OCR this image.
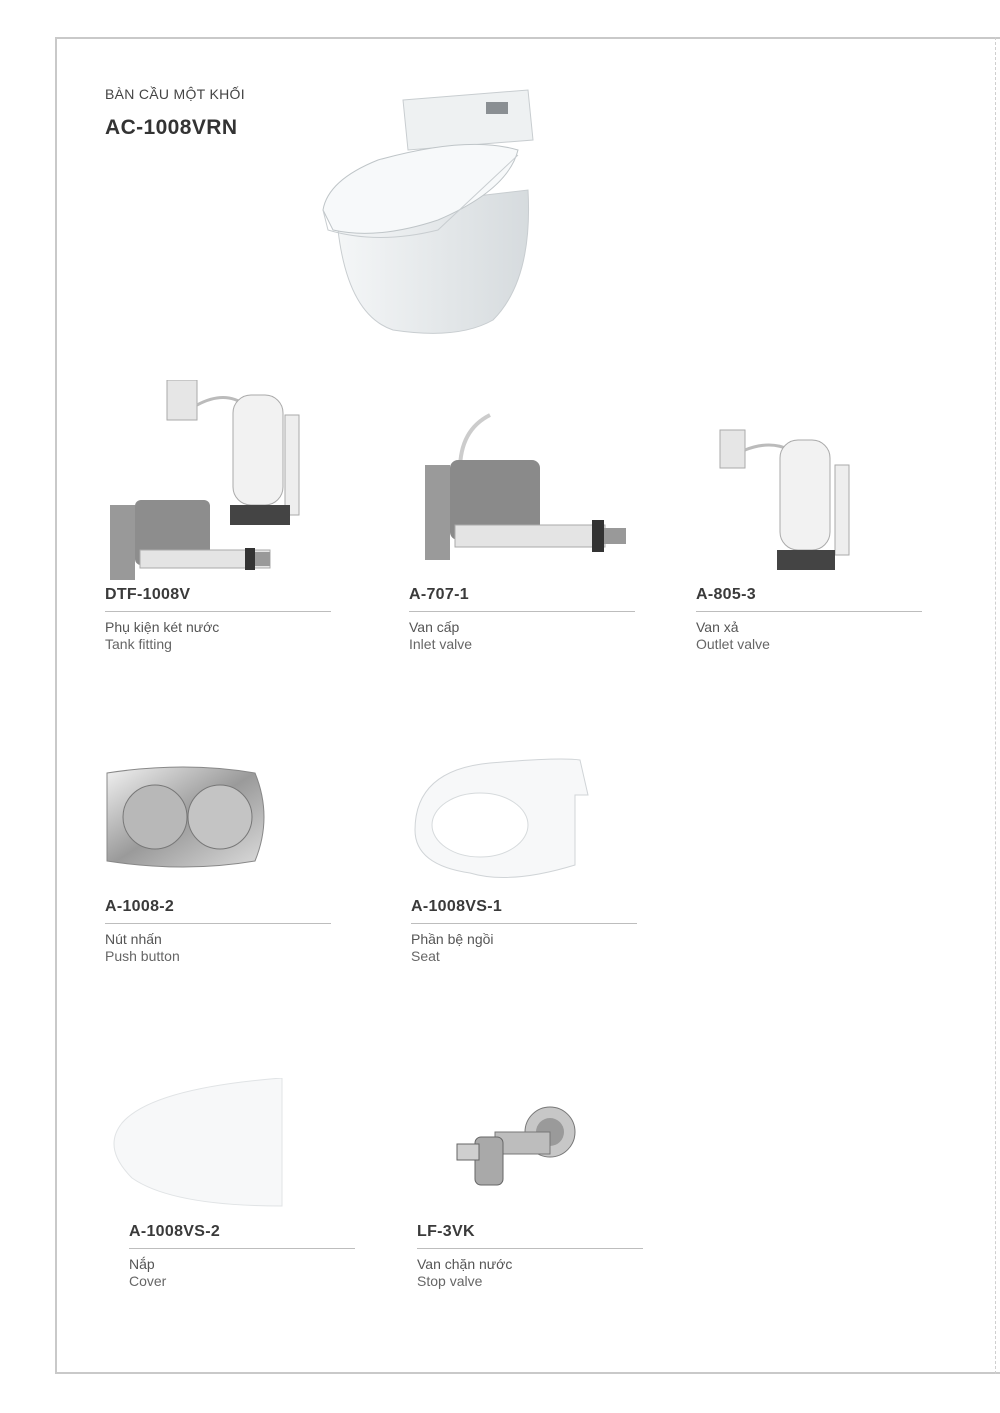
BÀN CẦU MỘT KHỐI
AC-1008VRN
DTF-1008V
Phụ kiện két nước
Tank fitting
A-707-1
Van cấp
Inlet valve
A-805-3
Van xả
Outlet valve
A-1008-2
Nút nhấn
Push button
A-1008VS-1
Phần bệ ngồi
Seat
A-1008VS-2
Nắp
Cover
LF-3VK
Van chặn nước
Stop valve
